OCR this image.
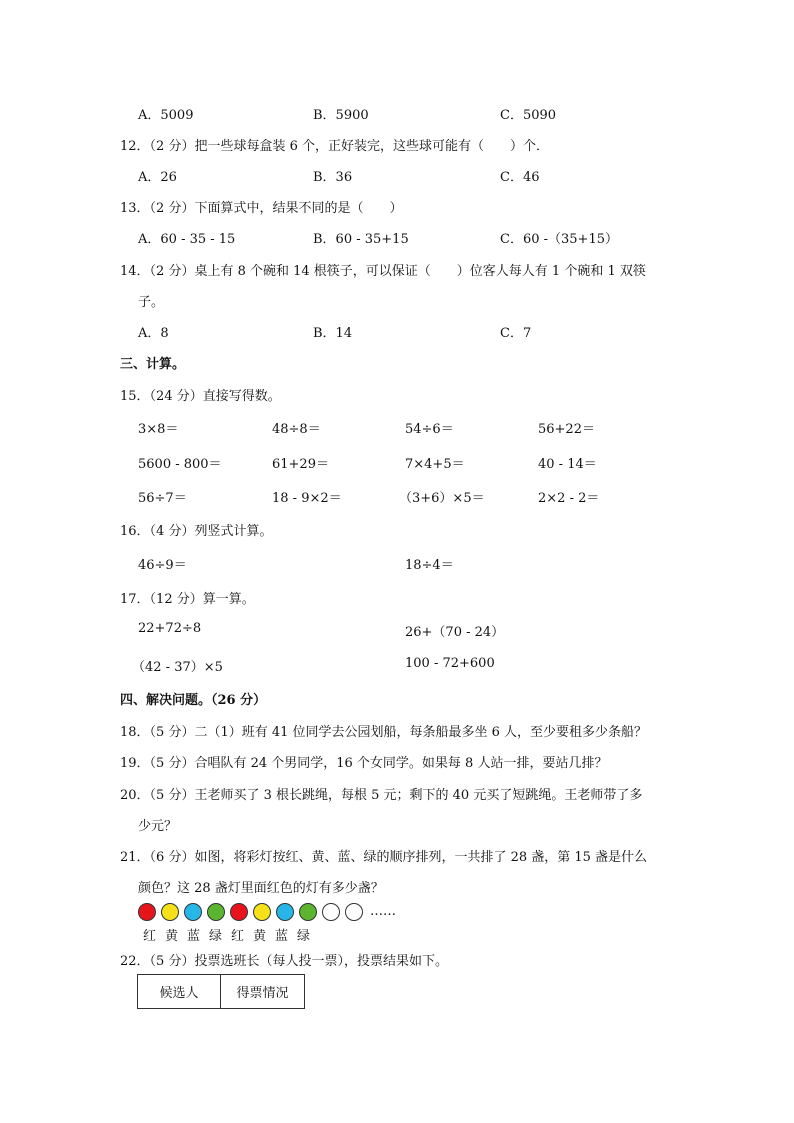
A．5009	B．5900	C．5090
12．（2 分）把一些球每盒装 6 个，正好装完，这些球可能有（　　）个．
A．26	B．36	C．46
13．（2 分）下面算式中，结果不同的是（　　）
A．60 - 35 - 15	B．60 - 35+15	C．60 -（35+15）
14．（2 分）桌上有 8 个碗和 14 根筷子，可以保证（　　）位客人每人有 1 个碗和 1 双筷
子。
A．8	B．14	C．7
三、计算。
15．（24 分）直接写得数。
3×8＝	48÷8＝	54÷6＝	56+22＝
5600 - 800＝	61+29＝	7×4+5＝	40 - 14＝
56÷7＝	18 - 9×2＝	（3+6）×5＝	2×2 - 2＝
16．（4 分）列竖式计算。
46÷9＝	18÷4＝
17．（12 分）算一算。
22+72÷8	26+（70 - 24）
（42 - 37）×5	100 - 72+600
四、解决问题。（26 分）
18．（5 分）二（1）班有 41 位同学去公园划船，每条船最多坐 6 人，至少要租多少条船？
19．（5 分）合唱队有 24 个男同学，16 个女同学。如果每 8 人站一排，要站几排？
20．（5 分）王老师买了 3 根长跳绳，每根 5 元；剩下的 40 元买了短跳绳。王老师带了多
少元？
21．（6 分）如图，将彩灯按红、黄、蓝、绿的顺序排列，一共排了 28 盏，第 15 盏是什么
颜色？这 28 盏灯里面红色的灯有多少盏？
……
红 黄 蓝 绿 红 黄 蓝 绿
22．（5 分）投票选班长（每人投一票），投票结果如下。
候选人	得票情况
